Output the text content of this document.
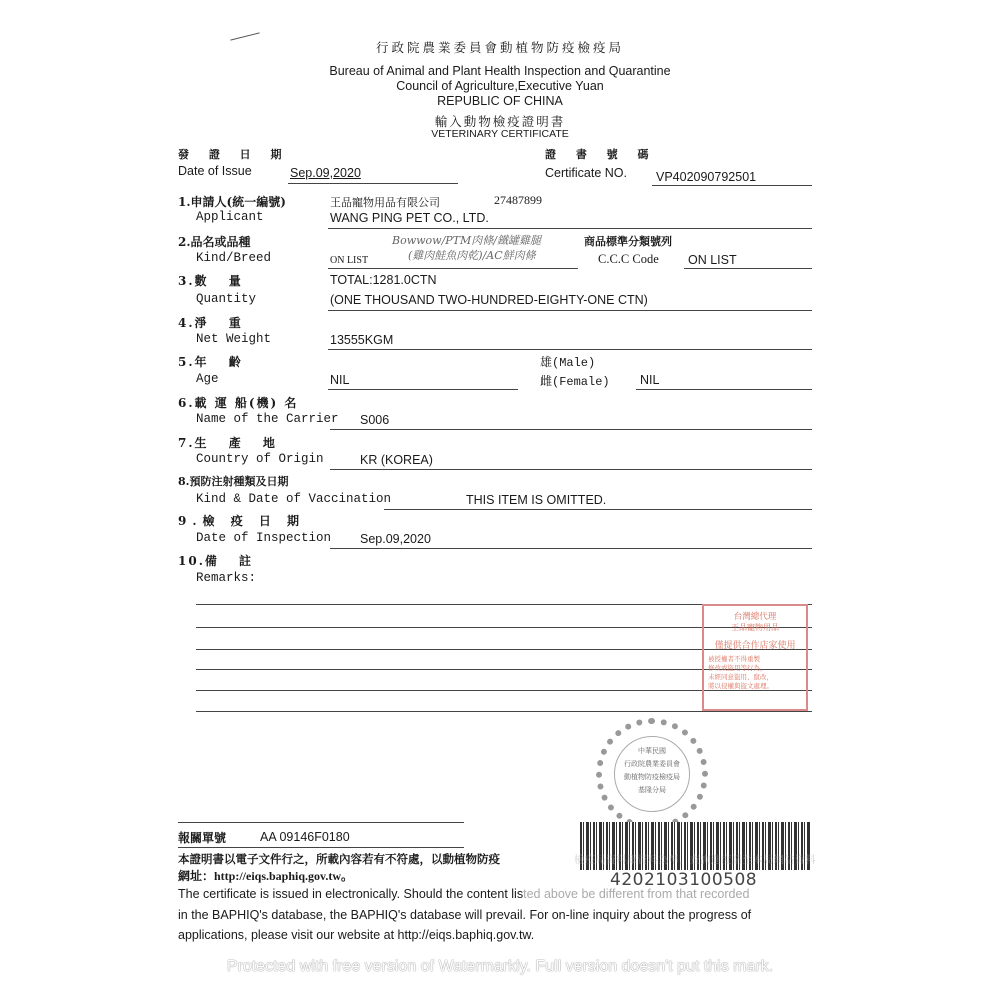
行政院農業委員會動植物防疫檢疫局
Bureau of Animal and Plant Health Inspection and Quarantine
Council of Agriculture,Executive Yuan
REPUBLIC OF CHINA
輸入動物檢疫證明書
VETERINARY CERTIFICATE
發 證 日 期
Date of Issue	Sep.09,2020
證 書 號 碼
Certificate NO. VP402090792501
1.申請人(統一編號)	王品寵物用品有限公司	27487899
Applicant	WANG PING PET CO., LTD.
2.品名或品種
Kind/Breed	ON LIST
Bowwow/PTM肉條/鐵罐雞腿
(雞肉鮭魚肉乾)/AC鮮肉條
商品標準分類號列
C.C.C Code ON LIST
3.數　 量	TOTAL:1281.0CTN
Quantity	(ONE THOUSAND TWO-HUNDRED-EIGHTY-ONE CTN)
4.淨　 重
Net Weight	13555KGM
5.年　 齡
Age	NIL
雄(Male)
雌(Female) NIL
6.載 運 船(機) 名
Name of the Carrier S006
7.生　 產　 地
Country of Origin	KR (KOREA)
8.預防注射種類及日期
Kind & Date of Vaccination	THIS ITEM IS OMITTED.
9.檢 疫 日 期
Date of Inspection Sep.09,2020
10.備　 註
Remarks:
台灣總代理
王品寵物用品
僅提供合作店家使用
被授權者不得重製
修改或盜用等行為，
未經同意盜用、竄改，
將以侵權與盜文處理。
中華民國
行政院農業委員會
動植物防疫檢疫局
基隆分局
報關單號	AA 09146F0180
4202103100508
本證明書以電子文件行之，所載內容若有不符處，以動植物防疫	檢疫局資料庫資料為準，查詢進度請至本局網站資料
網址：http://eiqs.baphiq.gov.tw。
The certificate is issued in electronically. Should the content listed above be different from that recorded
in the BAPHIQ's database, the BAPHIQ's database will prevail. For on-line inquiry about the progress of
applications, please visit our website at http://eiqs.baphiq.gov.tw.
Protected with free version of Watermarkly. Full version doesn't put this mark.
